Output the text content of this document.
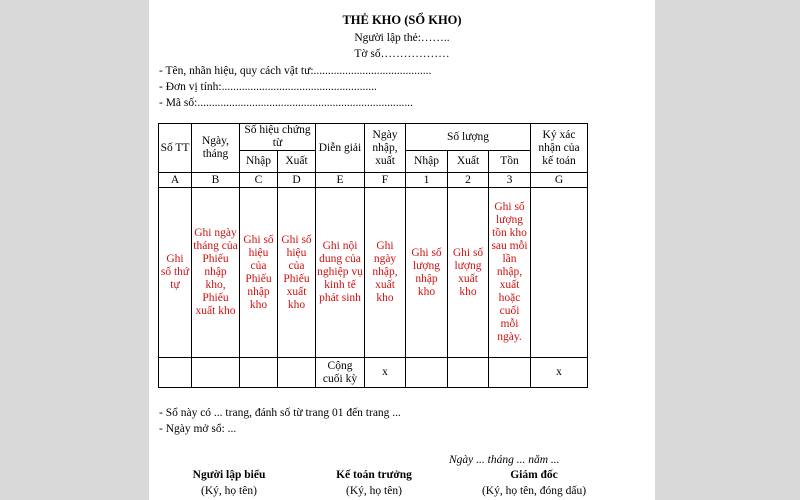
THẺ KHO (SỔ KHO)
Người lập thẻ:……..
Tờ số………………
- Tên, nhãn hiệu, quy cách vật tư:.........................................
- Đơn vị tính:......................................................
- Mã số:...........................................................................
Số TT	Ngày, tháng	Số hiệu chứng từ		Diễn giải	Ngày nhập, xuất	Số lượng			Ký xác nhận của kế toán
		Nhập	Xuất			Nhập	Xuất	Tồn	
A	B	C	D	E	F	1	2	3	G
Ghi số thứ tự	Ghi ngày tháng của Phiếu nhập kho, Phiếu xuất kho	Ghi số hiệu của Phiếu nhập kho	Ghi số hiệu của Phiếu xuất kho	Ghi nội dung của nghiệp vụ kinh tế phát sinh	Ghi ngày nhập, xuất kho	Ghi số lượng nhập kho	Ghi số lượng xuất kho	Ghi số lượng tồn kho sau mỗi lần nhập, xuất hoặc cuối mỗi ngày.	
				Cộng cuối kỳ	x				x
- Sổ này có ... trang, đánh số từ trang 01 đến trang ...
- Ngày mở sổ: ...
Ngày ... tháng ... năm ...
Người lập biểu
(Ký, họ tên)
Kế toán trưởng
(Ký, họ tên)
Giám đốc
(Ký, họ tên, đóng dấu)
